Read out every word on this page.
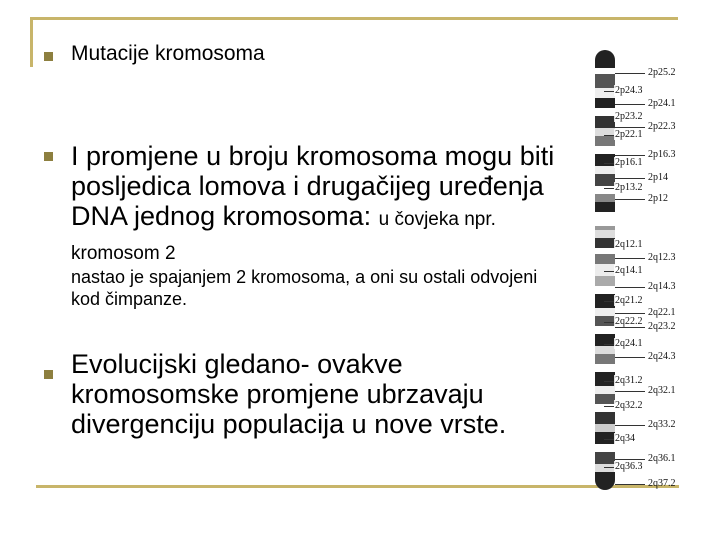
Mutacije kromosoma
I promjene u broju kromosoma mogu biti posljedica lomova i drugačijeg uređenja DNA jednog kromosoma: u čovjeka npr. kromosom 2
nastao je spajanjem 2 kromosoma, a oni su ostali odvojeni kod čimpanze.
Evolucijski gledano- ovakve kromosomske promjene ubrzavaju divergenciju populacija u nove vrste.
2p24.3
2p23.2
2p22.1
2p16.1
2p13.2
2q12.1
2q14.1
2q21.2
2q22.2
2q24.1
2q31.2
2q32.2
2q34
2q36.3
2p25.2
2p24.1
2p22.3
2p16.3
2p14
2p12
2q12.3
2q14.3
2q22.1
2q23.2
2q24.3
2q32.1
2q33.2
2q36.1
2q37.2
